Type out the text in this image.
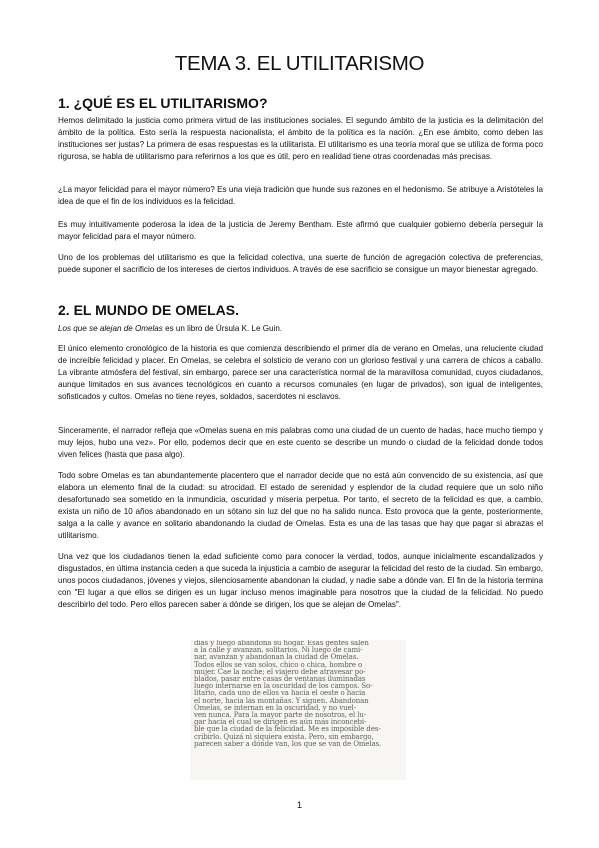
TEMA 3. EL UTILITARISMO
1. ¿QUÉ ES EL UTILITARISMO?

Hemos delimitado la justicia como primera virtud de las instituciones sociales. El segundo ámbito de la justicia es la delimitación del ámbito de la política. Esto sería la respuesta nacionalista, el ámbito de la política es la nación. ¿En ese ámbito, como deben las instituciones ser justas? La primera de esas respuestas es la utilitarista. El utilitarismo es una teoría moral que se utiliza de forma poco rigurosa, se habla de utilitarismo para referirnos a los que es útil, pero en realidad tiene otras coordenadas más precisas.

¿La mayor felicidad para el mayor número? Es una vieja tradición que hunde sus razones en el hedonismo. Se atribuye a Aristóteles la idea de que el fin de los individuos es la felicidad.

Es muy intuitivamente poderosa la idea de la justicia de Jeremy Bentham. Este afirmó que cualquier gobierno debería perseguir la mayor felicidad para el mayor número.

Uno de los problemas del utilitarismo es que la felicidad colectiva, una suerte de función de agregación colectiva de preferencias, puede suponer el sacrificio de los intereses de ciertos individuos. A través de ese sacrificio se consigue un mayor bienestar agregado.

2. EL MUNDO DE OMELAS.

Los que se alejan de Omelas es un libro de Úrsula K. Le Guin.

El único elemento cronológico de la historia es que comienza describiendo el primer día de verano en Omelas, una reluciente ciudad de increíble felicidad y placer. En Omelas, se celebra el solsticio de verano con un glorioso festival y una carrera de chicos a caballo. La vibrante atmósfera del festival, sin embargo, parece ser una característica normal de la maravillosa comunidad, cuyos ciudadanos, aunque limitados en sus avances tecnológicos en cuanto a recursos comunales (en lugar de privados), son igual de inteligentes, sofisticados y cultos. Omelas no tiene reyes, soldados, sacerdotes ni esclavos.

Sinceramente, el narrador refleja que «Omelas suena en mis palabras como una ciudad de un cuento de hadas, hace mucho tiempo y muy lejos, hubo una vez». Por ello, podemos decir que en este cuento se describe un mundo o ciudad de la felicidad donde todos viven felices (hasta que pasa algo).

Todo sobre Omelas es tan abundantemente placentero que el narrador decide que no está aún convencido de su existencia, así que elabora un elemento final de la ciudad: su atrocidad. El estado de serenidad y esplendor de la ciudad requiere que un solo niño desafortunado sea sometido en la inmundicia, oscuridad y miseria perpetua. Por tanto, el secreto de la felicidad es que, a cambio, exista un niño de 10 años abandonado en un sótano sin luz del que no ha salido nunca. Esto provoca que la gente, posteriormente, salga a la calle y avance en solitario abandonando la ciudad de Omelas. Esta es una de las tasas que hay que pagar si abrazas el utilitarismo.

Una vez que los ciudadanos tienen la edad suficiente como para conocer la verdad, todos, aunque inicialmente escandalizados y disgustados, en última instancia ceden a que suceda la injusticia a cambio de asegurar la felicidad del resto de la ciudad. Sin embargo, unos pocos ciudadanos, jóvenes y viejos, silenciosamente abandonan la ciudad, y nadie sabe a dónde van. El fin de la historia termina con "El lugar a que ellos se dirigen es un lugar incluso menos imaginable para nosotros que la ciudad de la felicidad. No puedo describirlo del todo. Pero ellos parecen saber a dónde se dirigen, los que se alejan de Omelas".

días y luego abandona su hogar. Esas gentes salen
a la calle y avanzan, solitarios. Ni luego de cami-
nar, avanzan y abandonan la ciudad de Omelas.
Todos ellos se van solos, chico o chica, hombre o
mujer. Cae la noche; el viajero debe atravesar po-
blados, pasar entre casas de ventanas iluminadas
luego internarse en la oscuridad de los campos. So-
litario, cada uno de ellos va hacia el oeste o hacia
el norte, hacia las montañas. Y siguen. Abandonan
Omelas, se internan en la oscuridad, y no vuel-
ven nunca. Para la mayor parte de nosotros, el lu-
gar hacia el cual se dirigen es aún más inconcebi-
ble que la ciudad de la felicidad. Me es imposible des-
cribirlo. Quizá ni siquiera exista. Pero, sin embargo,
parecen saber a dónde van, los que se van de Omelas.
1
